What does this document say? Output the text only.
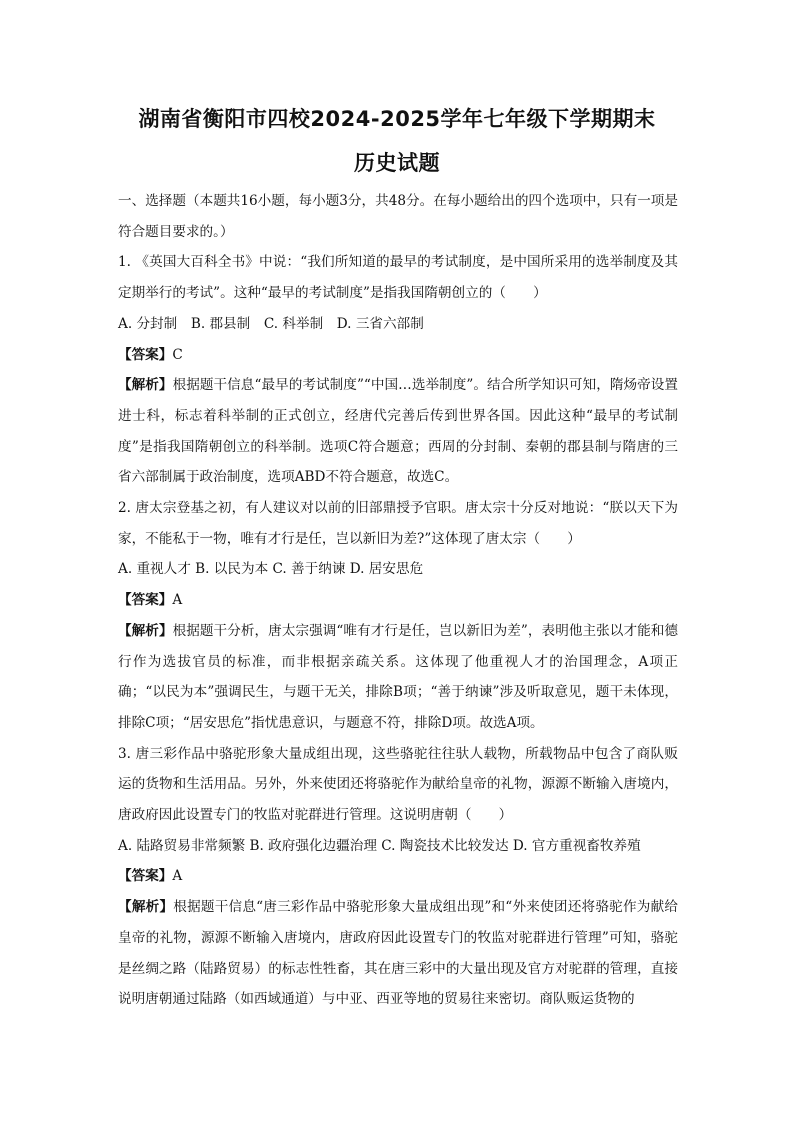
湖南省衡阳市四校2024-2025学年七年级下学期期末
历史试题

一、选择题（本题共16小题，每小题3分，共48分。在每小题给出的四个选项中，只有一项是符合题目要求的。）

1. 《英国大百科全书》中说：“我们所知道的最早的考试制度，是中国所采用的选举制度及其定期举行的考试”。这种“最早的考试制度”是指我国隋朝创立的（　　）

A. 分封制　B. 郡县制　C. 科举制　D. 三省六部制

【答案】C

【解析】根据题干信息“最早的考试制度”“中国…选举制度”。结合所学知识可知，隋炀帝设置进士科，标志着科举制的正式创立，经唐代完善后传到世界各国。因此这种“最早的考试制度”是指我国隋朝创立的科举制。选项C符合题意；西周的分封制、秦朝的郡县制与隋唐的三省六部制属于政治制度，选项ABD不符合题意，故选C。

2. 唐太宗登基之初，有人建议对以前的旧部鼎授予官职。唐太宗十分反对地说：“朕以天下为家，不能私于一物，唯有才行是任，岂以新旧为差?”这体现了唐太宗（　　）

A. 重视人才 B. 以民为本 C. 善于纳谏 D. 居安思危

【答案】A

【解析】根据题干分析，唐太宗强调“唯有才行是任，岂以新旧为差”，表明他主张以才能和德行作为选拔官员的标准，而非根据亲疏关系。这体现了他重视人才的治国理念，A项正确；“以民为本”强调民生，与题干无关，排除B项；“善于纳谏”涉及听取意见，题干未体现，排除C项；“居安思危”指忧患意识，与题意不符，排除D项。故选A项。

3. 唐三彩作品中骆驼形象大量成组出现，这些骆驼往往驮人载物，所载物品中包含了商队贩运的货物和生活用品。另外，外来使团还将骆驼作为献给皇帝的礼物，源源不断输入唐境内，唐政府因此设置专门的牧监对驼群进行管理。这说明唐朝（　　）

A. 陆路贸易非常频繁 B. 政府强化边疆治理 C. 陶瓷技术比较发达 D. 官方重视畜牧养殖

【答案】A

【解析】根据题干信息“唐三彩作品中骆驼形象大量成组出现”和“外来使团还将骆驼作为献给皇帝的礼物，源源不断输入唐境内，唐政府因此设置专门的牧监对驼群进行管理”可知，骆驼是丝绸之路（陆路贸易）的标志性牲畜，其在唐三彩中的大量出现及官方对驼群的管理，直接说明唐朝通过陆路（如西域通道）与中亚、西亚等地的贸易往来密切。商队贩运货物的
